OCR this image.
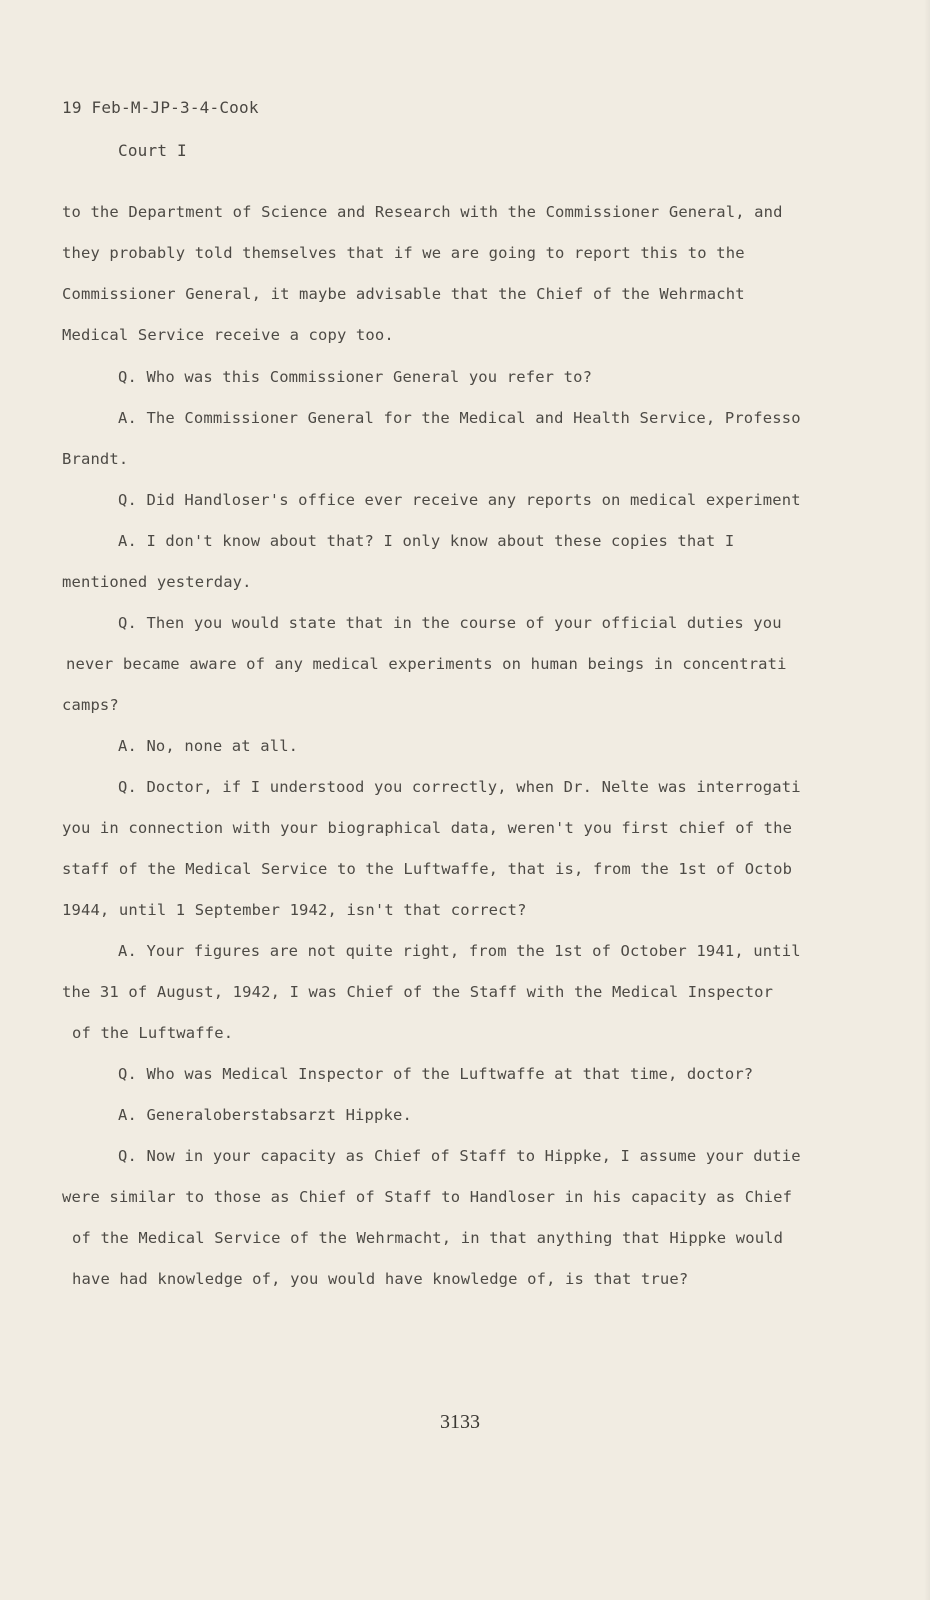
19 Feb-M-JP-3-4-Cook
Court I
to the Department of Science and Research with the Commissioner General, and
they probably told themselves that if we are going to report this to the
Commissioner General, it maybe advisable that the Chief of the Wehrmacht
Medical Service receive a copy too.
Q. Who was this Commissioner General you refer to?
A. The Commissioner General for the Medical and Health Service, Professo
Brandt.
Q. Did Handloser's office ever receive any reports on medical experiment
A. I don't know about that? I only know about these copies that I
mentioned yesterday.
Q. Then you would state that in the course of your official duties you
never became aware of any medical experiments on human beings in concentrati
camps?
A. No, none at all.
Q. Doctor, if I understood you correctly, when Dr. Nelte was interrogati
you in connection with your biographical data, weren't you first chief of the
staff of the Medical Service to the Luftwaffe, that is, from the 1st of Octob
1944, until 1 September 1942, isn't that correct?
A. Your figures are not quite right, from the 1st of October 1941, until
the 31 of August, 1942, I was Chief of the Staff with the Medical Inspector
of the Luftwaffe.
Q. Who was Medical Inspector of the Luftwaffe at that time, doctor?
A. Generaloberstabsarzt Hippke.
Q. Now in your capacity as Chief of Staff to Hippke, I assume your dutie
were similar to those as Chief of Staff to Handloser in his capacity as Chief
of the Medical Service of the Wehrmacht, in that anything that Hippke would
have had knowledge of, you would have knowledge of, is that true?
3133
